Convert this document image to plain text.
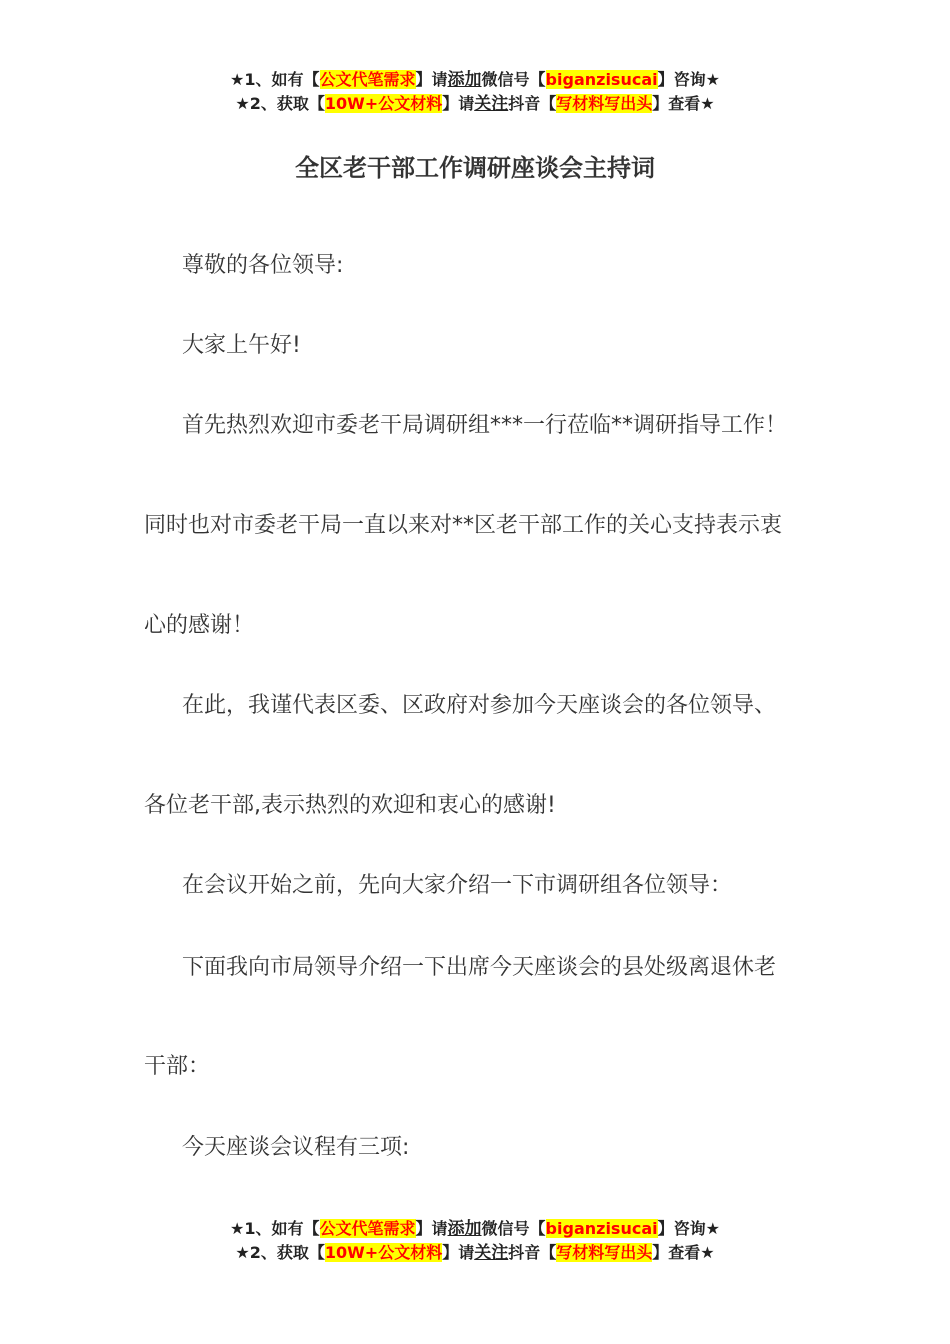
★1、如有【公文代笔需求】请添加微信号【biganzisucai】咨询★
★2、获取【10W+公文材料】请关注抖音【写材料写出头】查看★
全区老干部工作调研座谈会主持词
尊敬的各位领导:
大家上午好!
首先热烈欢迎市委老干局调研组***一行莅临**调研指导工作！
同时也对市委老干局一直以来对**区老干部工作的关心支持表示衷
心的感谢！
在此，我谨代表区委、区政府对参加今天座谈会的各位领导、
各位老干部,表示热烈的欢迎和衷心的感谢!
在会议开始之前，先向大家介绍一下市调研组各位领导：
下面我向市局领导介绍一下出席今天座谈会的县处级离退休老
干部：
今天座谈会议程有三项:
★1、如有【公文代笔需求】请添加微信号【biganzisucai】咨询★
★2、获取【10W+公文材料】请关注抖音【写材料写出头】查看★
